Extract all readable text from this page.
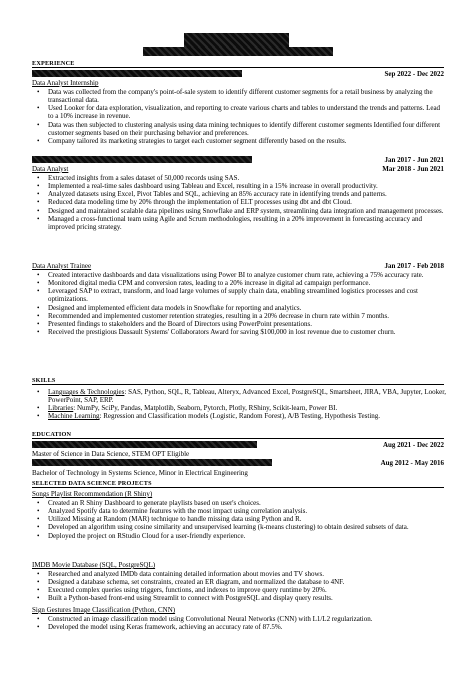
EXPERIENCE
Sep 2022 - Dec 2022
Data Analyst Internship
• Data was collected from the company's point-of-sale system to identify different customer segments for a retail business by analyzing the transactional data.
• Used Looker for data exploration, visualization, and reporting to create various charts and tables to understand the trends and patterns. Lead to a 10% increase in revenue.
• Data was then subjected to clustering analysis using data mining techniques to identify different customer segments Identified four different customer segments based on their purchasing behavior and preferences.
• Company tailored its marketing strategies to target each customer segment differently based on the results.
Jan 2017 - Jun 2021
Data Analyst	Mar 2018 - Jun 2021
• Extracted insights from a sales dataset of 50,000 records using SAS.
• Implemented a real-time sales dashboard using Tableau and Excel, resulting in a 15% increase in overall productivity.
• Analyzed datasets using Excel, Pivot Tables and SQL, achieving an 85% accuracy rate in identifying trends and patterns.
• Reduced data modeling time by 20% through the implementation of ELT processes using dbt and dbt Cloud.
• Designed and maintained scalable data pipelines using Snowflake and ERP system, streamlining data integration and management processes.
• Managed a cross-functional team using Agile and Scrum methodologies, resulting in a 20% improvement in forecasting accuracy and improved pricing strategy.
Data Analyst Trainee	Jan 2017 - Feb 2018
• Created interactive dashboards and data visualizations using Power BI to analyze customer churn rate, achieving a 75% accuracy rate.
• Monitored digital media CPM and conversion rates, leading to a 20% increase in digital ad campaign performance.
• Leveraged SAP to extract, transform, and load large volumes of supply chain data, enabling streamlined logistics processes and cost optimizations.
• Designed and implemented efficient data models in Snowflake for reporting and analytics.
• Recommended and implemented customer retention strategies, resulting in a 20% decrease in churn rate within 7 months.
• Presented findings to stakeholders and the Board of Directors using PowerPoint presentations.
• Received the prestigious Dassault Systems' Collaborators Award for saving $100,000 in lost revenue due to customer churn.
SKILLS
• Languages & Technologies: SAS, Python, SQL, R, Tableau, Alteryx, Advanced Excel, PostgreSQL, Smartsheet, JIRA, VBA, Jupyter, Looker, PowerPoint, SAP, ERP.
• Libraries: NumPy, SciPy, Pandas, Matplotlib, Seaborn, Pytorch, Plotly, RShiny, Scikit-learn, Power BI.
• Machine Learning: Regression and Classification models (Logistic, Random Forest), A/B Testing, Hypothesis Testing.
EDUCATION
Aug 2021 - Dec 2022
Master of Science in Data Science, STEM OPT Eligible
Aug 2012 - May 2016
Bachelor of Technology in Systems Science, Minor in Electrical Engineering
SELECTED DATA SCIENCE PROJECTS
Songs Playlist Recommendation (R Shiny)
• Created an R Shiny Dashboard to generate playlists based on user's choices.
• Analyzed Spotify data to determine features with the most impact using correlation analysis.
• Utilized Missing at Random (MAR) technique to handle missing data using Python and R.
• Developed an algorithm using cosine similarity and unsupervised learning (k-means clustering) to obtain desired subsets of data.
• Deployed the project on RStudio Cloud for a user-friendly experience.
IMDB Movie Database (SQL, PostgreSQL)
• Researched and analyzed IMDb data containing detailed information about movies and TV shows.
• Designed a database schema, set constraints, created an ER diagram, and normalized the database to 4NF.
• Executed complex queries using triggers, functions, and indexes to improve query runtime by 20%.
• Built a Python-based front-end using Streamlit to connect with PostgreSQL and display query results.
Sign Gestures Image Classification (Python, CNN)
• Constructed an image classification model using Convolutional Neural Networks (CNN) with L1/L2 regularization.
• Developed the model using Keras framework, achieving an accuracy rate of 87.5%.
